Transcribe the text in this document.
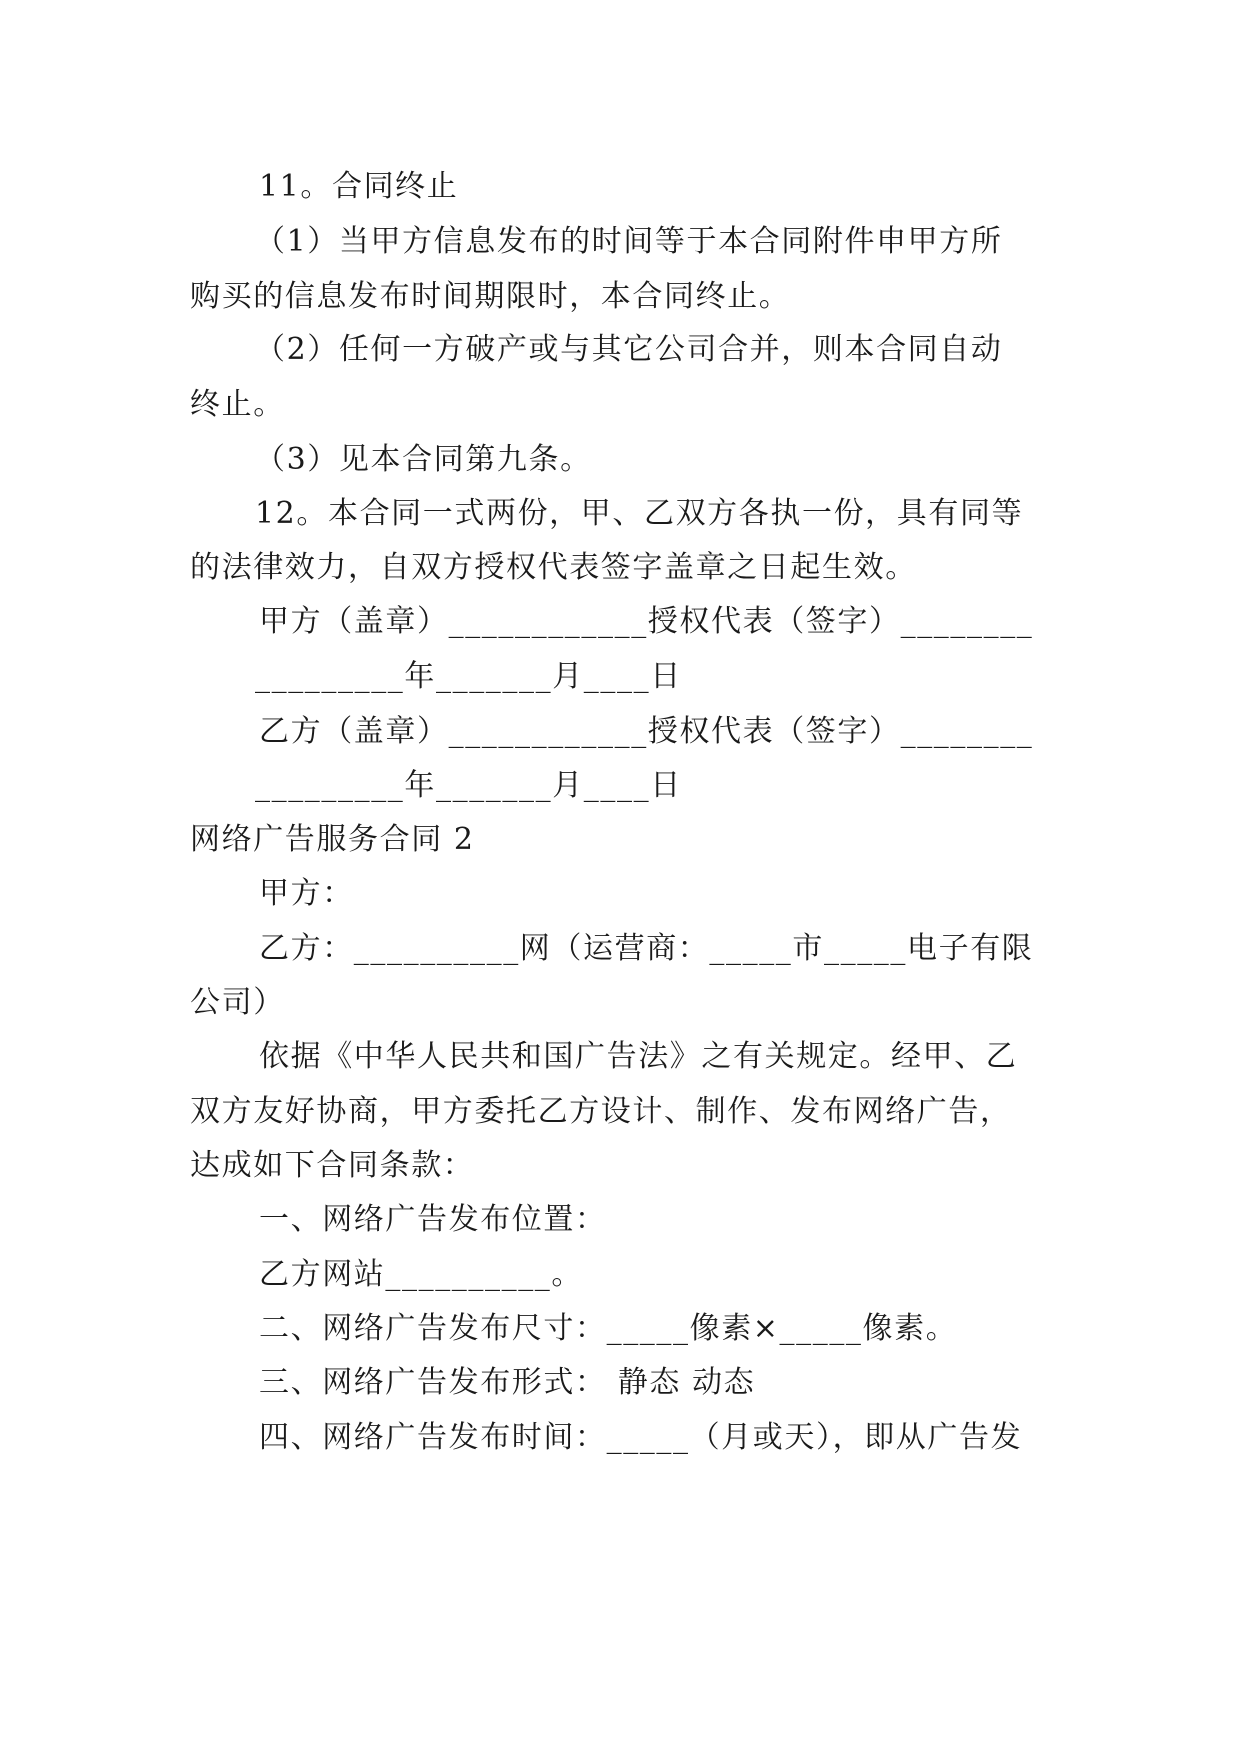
11。合同终止
（1）当甲方信息发布的时间等于本合同附件申甲方所
购买的信息发布时间期限时，本合同终止。
（2）任何一方破产或与其它公司合并，则本合同自动
终止。
（3）见本合同第九条。
12。本合同一式两份，甲、乙双方各执一份，具有同等
的法律效力，自双方授权代表签字盖章之日起生效。
甲方（盖章）____________授权代表（签字）________
_________年_______月____日
乙方（盖章）____________授权代表（签字）________
_________年_______月____日
网络广告服务合同 2
甲方：
乙方：__________网（运营商：_____市_____电子有限
公司）
依据《中华人民共和国广告法》之有关规定。经甲、乙
双方友好协商，甲方委托乙方设计、制作、发布网络广告，
达成如下合同条款：
一、网络广告发布位置：
乙方网站__________。
二、网络广告发布尺寸：_____像素×_____像素。
三、网络广告发布形式： 静态 动态
四、网络广告发布时间：_____（月或天），即从广告发
